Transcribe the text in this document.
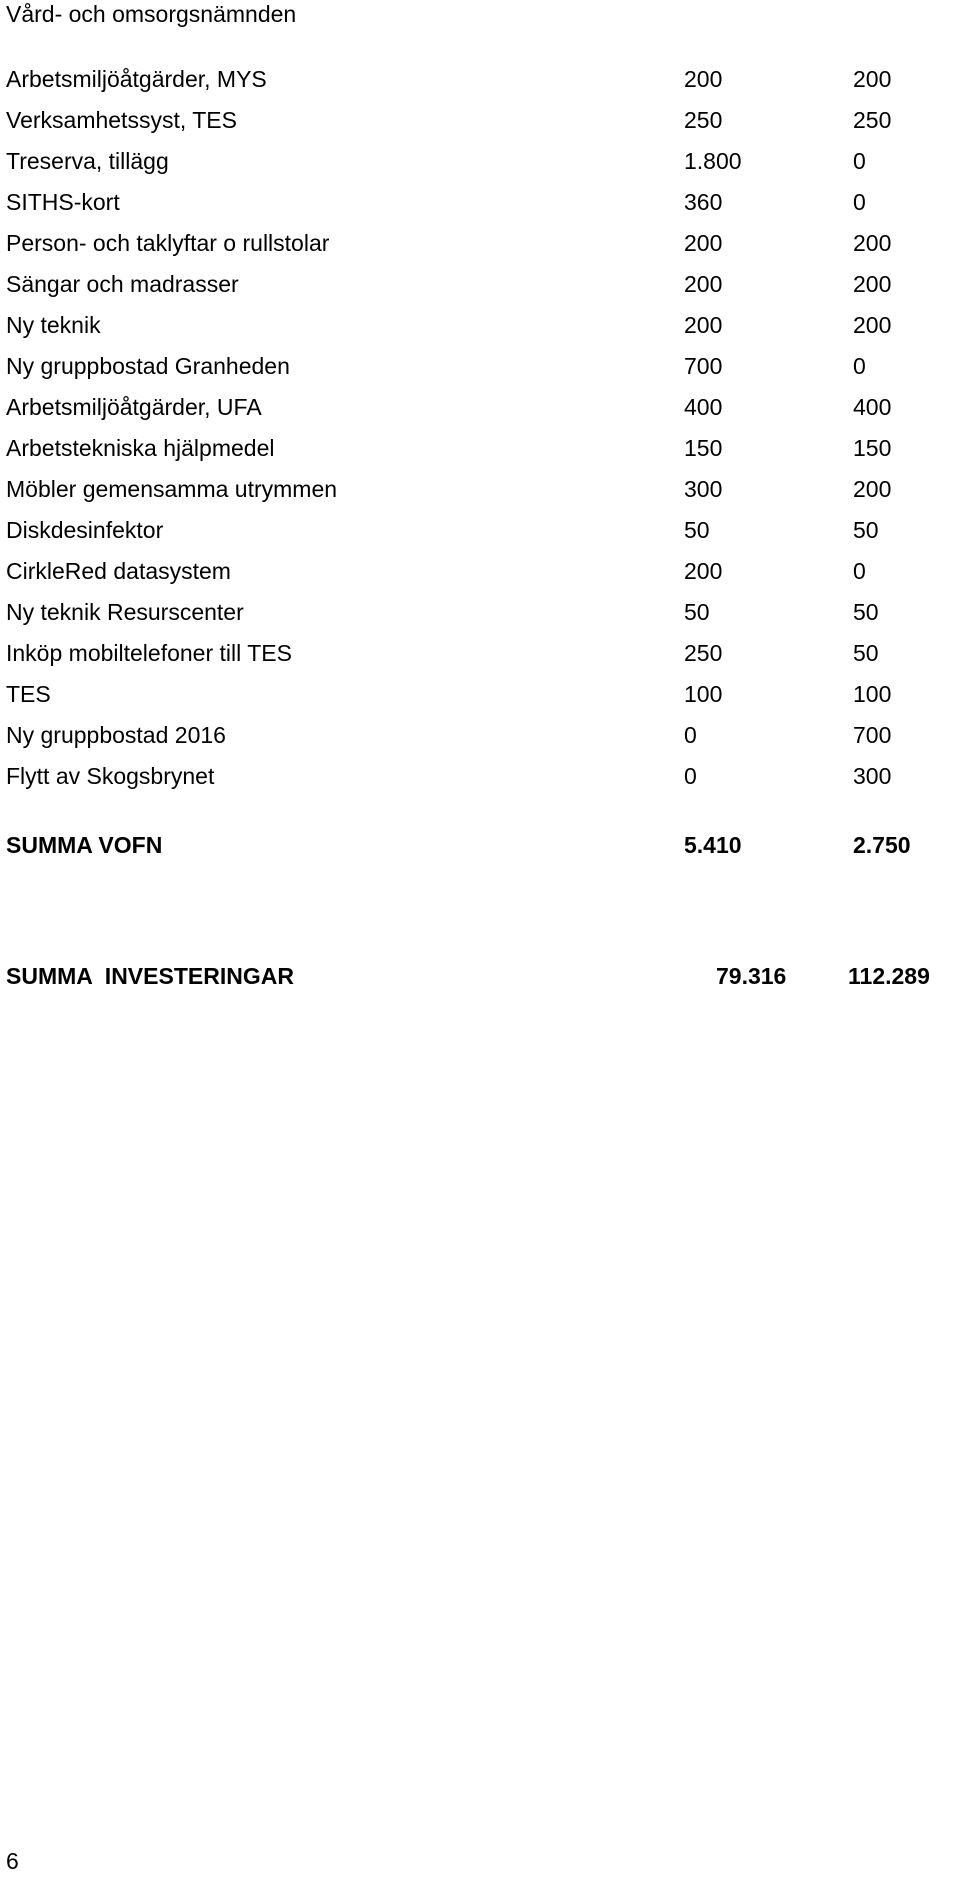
Vård- och omsorgsnämnden
Arbetsmiljöåtgärder, MYS	200	200
Verksamhetssyst, TES	250	250
Treserva, tillägg	1.800	0
SITHS-kort	360	0
Person- och taklyftar o rullstolar	200	200
Sängar och madrasser	200	200
Ny teknik	200	200
Ny gruppbostad Granheden	700	0
Arbetsmiljöåtgärder, UFA	400	400
Arbetstekniska hjälpmedel	150	150
Möbler gemensamma utrymmen	300	200
Diskdesinfektor	50	50
CirkleRed datasystem	200	0
Ny teknik Resurscenter	50	50
Inköp mobiltelefoner till TES	250	50
TES	100	100
Ny gruppbostad 2016	0	700
Flytt av Skogsbrynet	0	300
SUMMA VOFN	5.410	2.750
SUMMA  INVESTERINGAR	79.316	112.289
6
